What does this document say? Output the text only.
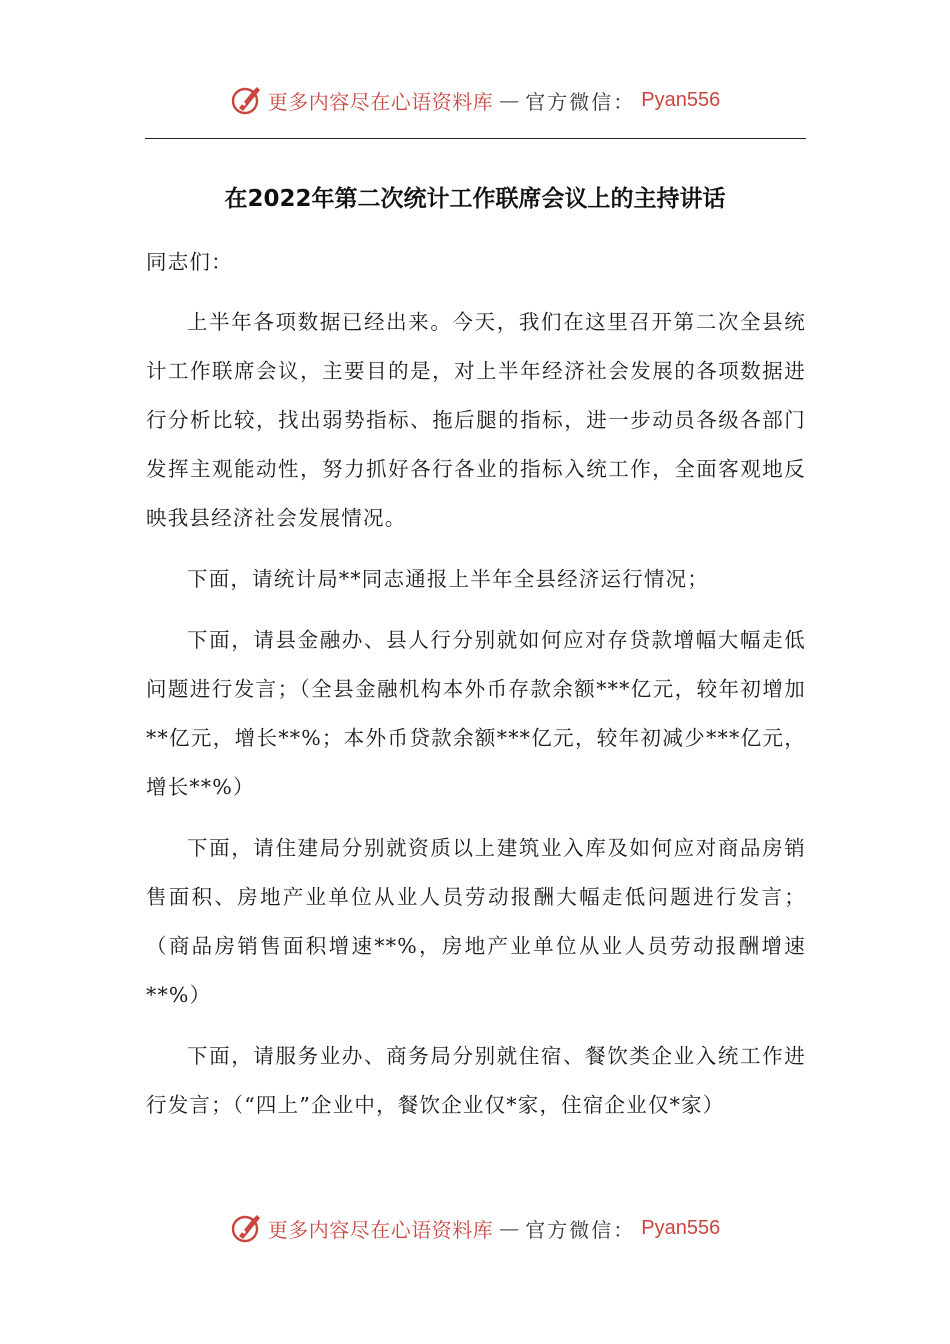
更多内容尽在心语资料库 — 官方微信： Pyan556
在2022年第二次统计工作联席会议上的主持讲话

同志们：

上半年各项数据已经出来。今天，我们在这里召开第二次全县统计工作联席会议，主要目的是，对上半年经济社会发展的各项数据进行分析比较，找出弱势指标、拖后腿的指标，进一步动员各级各部门发挥主观能动性，努力抓好各行各业的指标入统工作，全面客观地反映我县经济社会发展情况。

下面，请统计局**同志通报上半年全县经济运行情况；

下面，请县金融办、县人行分别就如何应对存贷款增幅大幅走低问题进行发言；（全县金融机构本外币存款余额***亿元，较年初增加**亿元，增长**%；本外币贷款余额***亿元，较年初减少***亿元，增长**%）

下面，请住建局分别就资质以上建筑业入库及如何应对商品房销售面积、房地产业单位从业人员劳动报酬大幅走低问题进行发言；（商品房销售面积增速**%，房地产业单位从业人员劳动报酬增速**%）

下面，请服务业办、商务局分别就住宿、餐饮类企业入统工作进行发言；（“四上”企业中，餐饮企业仅*家，住宿企业仅*家）

更多内容尽在心语资料库 — 官方微信： Pyan556
